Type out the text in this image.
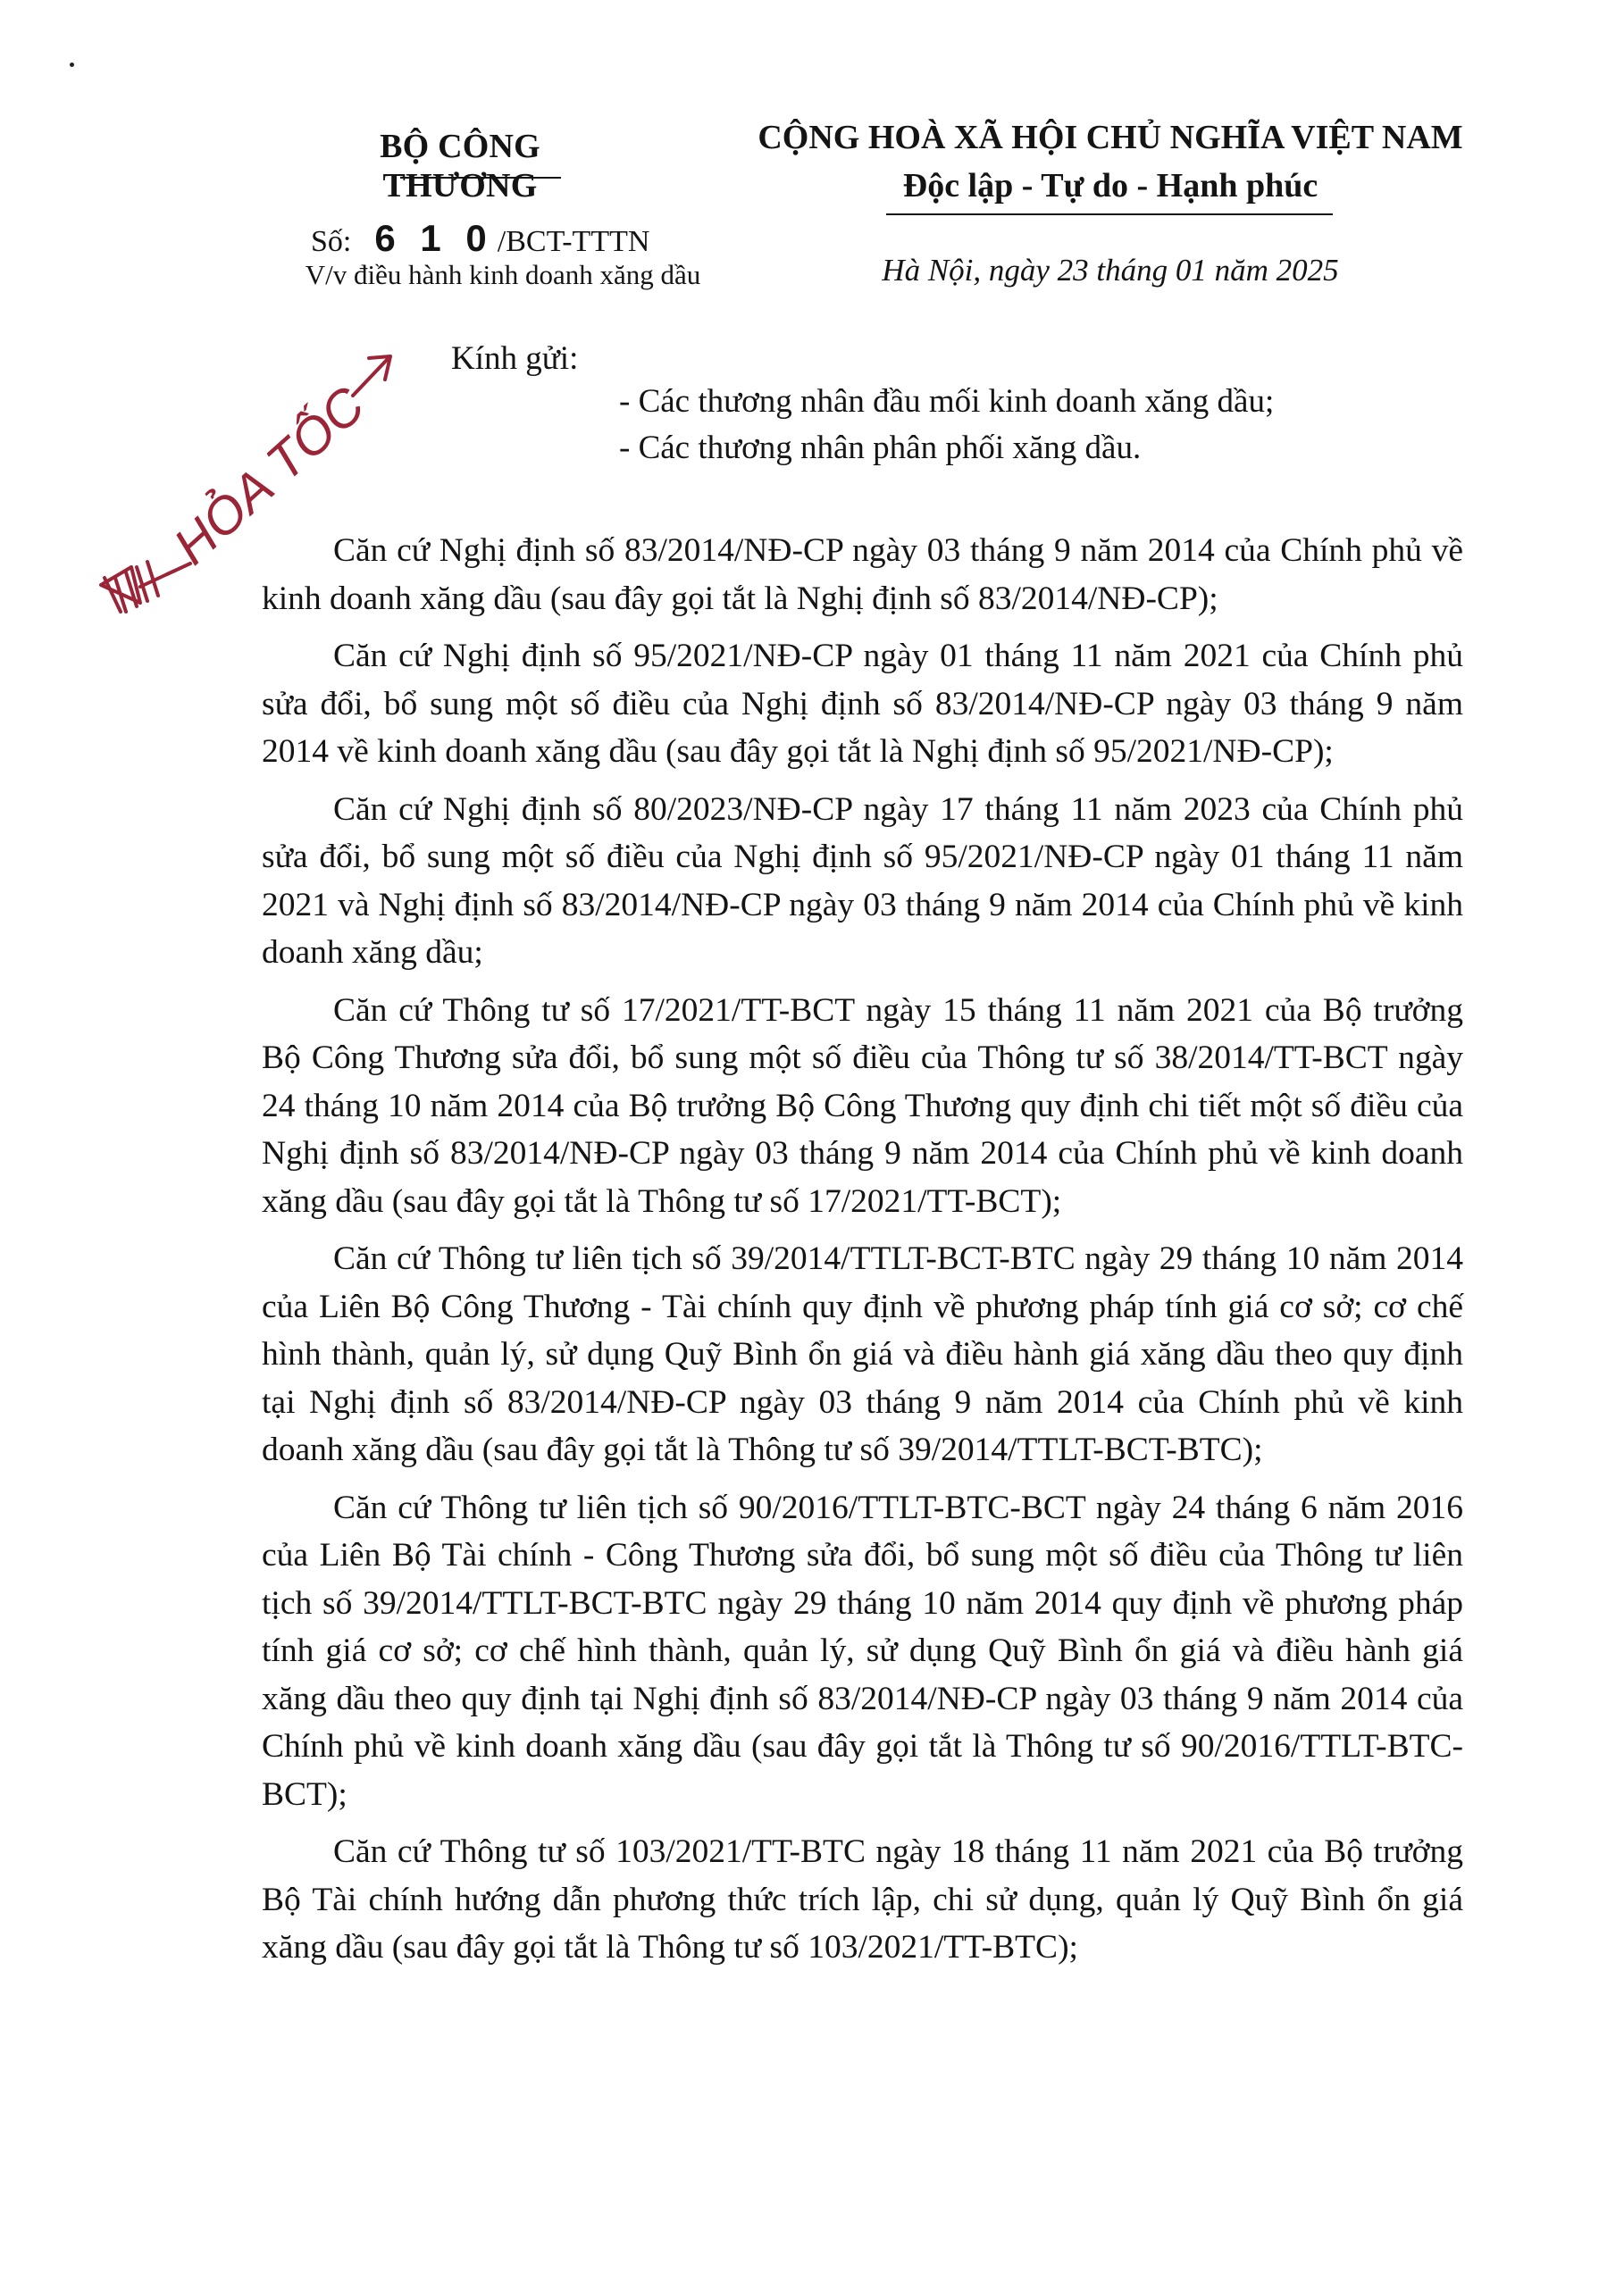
BỘ CÔNG THƯƠNG
Số: 6 1 0 /BCT-TTTN
V/v điều hành kinh doanh xăng dầu
CỘNG HOÀ XÃ HỘI CHỦ NGHĨA VIỆT NAM
Độc lập - Tự do - Hạnh phúc
Hà Nội, ngày 23 tháng 01 năm 2025
HỎA TỐC
Kính gửi:
- Các thương nhân đầu mối kinh doanh xăng dầu;
- Các thương nhân phân phối xăng dầu.

Căn cứ Nghị định số 83/2014/NĐ-CP ngày 03 tháng 9 năm 2014 của Chính phủ về kinh doanh xăng dầu (sau đây gọi tắt là Nghị định số 83/2014/NĐ-CP);

Căn cứ Nghị định số 95/2021/NĐ-CP ngày 01 tháng 11 năm 2021 của Chính phủ sửa đổi, bổ sung một số điều của Nghị định số 83/2014/NĐ-CP ngày 03 tháng 9 năm 2014 về kinh doanh xăng dầu (sau đây gọi tắt là Nghị định số 95/2021/NĐ-CP);

Căn cứ Nghị định số 80/2023/NĐ-CP ngày 17 tháng 11 năm 2023 của Chính phủ sửa đổi, bổ sung một số điều của Nghị định số 95/2021/NĐ-CP ngày 01 tháng 11 năm 2021 và Nghị định số 83/2014/NĐ-CP ngày 03 tháng 9 năm 2014 của Chính phủ về kinh doanh xăng dầu;

Căn cứ Thông tư số 17/2021/TT-BCT ngày 15 tháng 11 năm 2021 của Bộ trưởng Bộ Công Thương sửa đổi, bổ sung một số điều của Thông tư số 38/2014/TT-BCT ngày 24 tháng 10 năm 2014 của Bộ trưởng Bộ Công Thương quy định chi tiết một số điều của Nghị định số 83/2014/NĐ-CP ngày 03 tháng 9 năm 2014 của Chính phủ về kinh doanh xăng dầu (sau đây gọi tắt là Thông tư số 17/2021/TT-BCT);

Căn cứ Thông tư liên tịch số 39/2014/TTLT-BCT-BTC ngày 29 tháng 10 năm 2014 của Liên Bộ Công Thương - Tài chính quy định về phương pháp tính giá cơ sở; cơ chế hình thành, quản lý, sử dụng Quỹ Bình ổn giá và điều hành giá xăng dầu theo quy định tại Nghị định số 83/2014/NĐ-CP ngày 03 tháng 9 năm 2014 của Chính phủ về kinh doanh xăng dầu (sau đây gọi tắt là Thông tư số 39/2014/TTLT-BCT-BTC);

Căn cứ Thông tư liên tịch số 90/2016/TTLT-BTC-BCT ngày 24 tháng 6 năm 2016 của Liên Bộ Tài chính - Công Thương sửa đổi, bổ sung một số điều của Thông tư liên tịch số 39/2014/TTLT-BCT-BTC ngày 29 tháng 10 năm 2014 quy định về phương pháp tính giá cơ sở; cơ chế hình thành, quản lý, sử dụng Quỹ Bình ổn giá và điều hành giá xăng dầu theo quy định tại Nghị định số 83/2014/NĐ-CP ngày 03 tháng 9 năm 2014 của Chính phủ về kinh doanh xăng dầu (sau đây gọi tắt là Thông tư số 90/2016/TTLT-BTC-BCT);

Căn cứ Thông tư số 103/2021/TT-BTC ngày 18 tháng 11 năm 2021 của Bộ trưởng Bộ Tài chính hướng dẫn phương thức trích lập, chi sử dụng, quản lý Quỹ Bình ổn giá xăng dầu (sau đây gọi tắt là Thông tư số 103/2021/TT-BTC);
